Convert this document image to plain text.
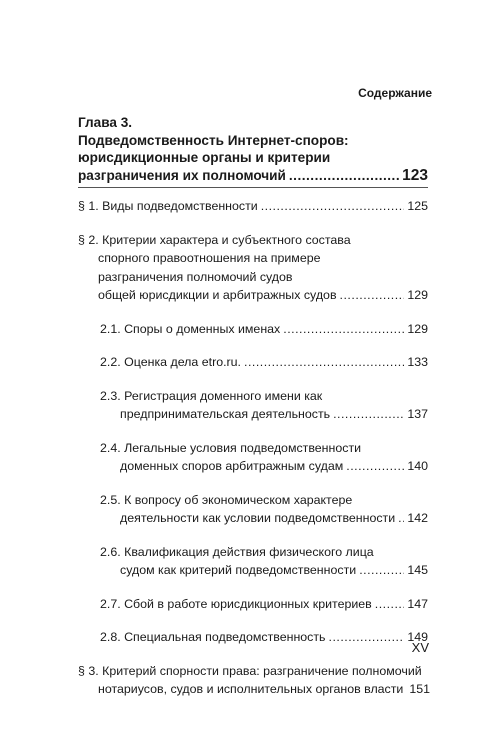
Содержание
Глава 3.
Подведомственность Интернет-споров:
юрисдикционные органы и критерии
разграничения их полномочий .....	123
§ 1. Виды подведомственности .....	125
§ 2. Критерии характера и субъектного состава
спорного правоотношения на примере
разграничения полномочий судов
общей юрисдикции и арбитражных судов .....	129
2.1. Споры о доменных именах .....	129
2.2. Оценка дела etro.ru. .....	133
2.3. Регистрация доменного имени как
предпринимательская деятельность .....	137
2.4. Легальные условия подведомственности
доменных споров арбитражным судам .....	140
2.5. К вопросу об экономическом характере
деятельности как условии подведомственности ..... 142
2.6. Квалификация действия физического лица
судом как критерий подведомственности .....	145
2.7. Сбой в работе юрисдикционных критериев .....	147
2.8. Специальная подведомственность .....	149
§ 3. Критерий спорности права: разграничение полномочий
нотариусов, судов и исполнительных органов власти 151
XV
